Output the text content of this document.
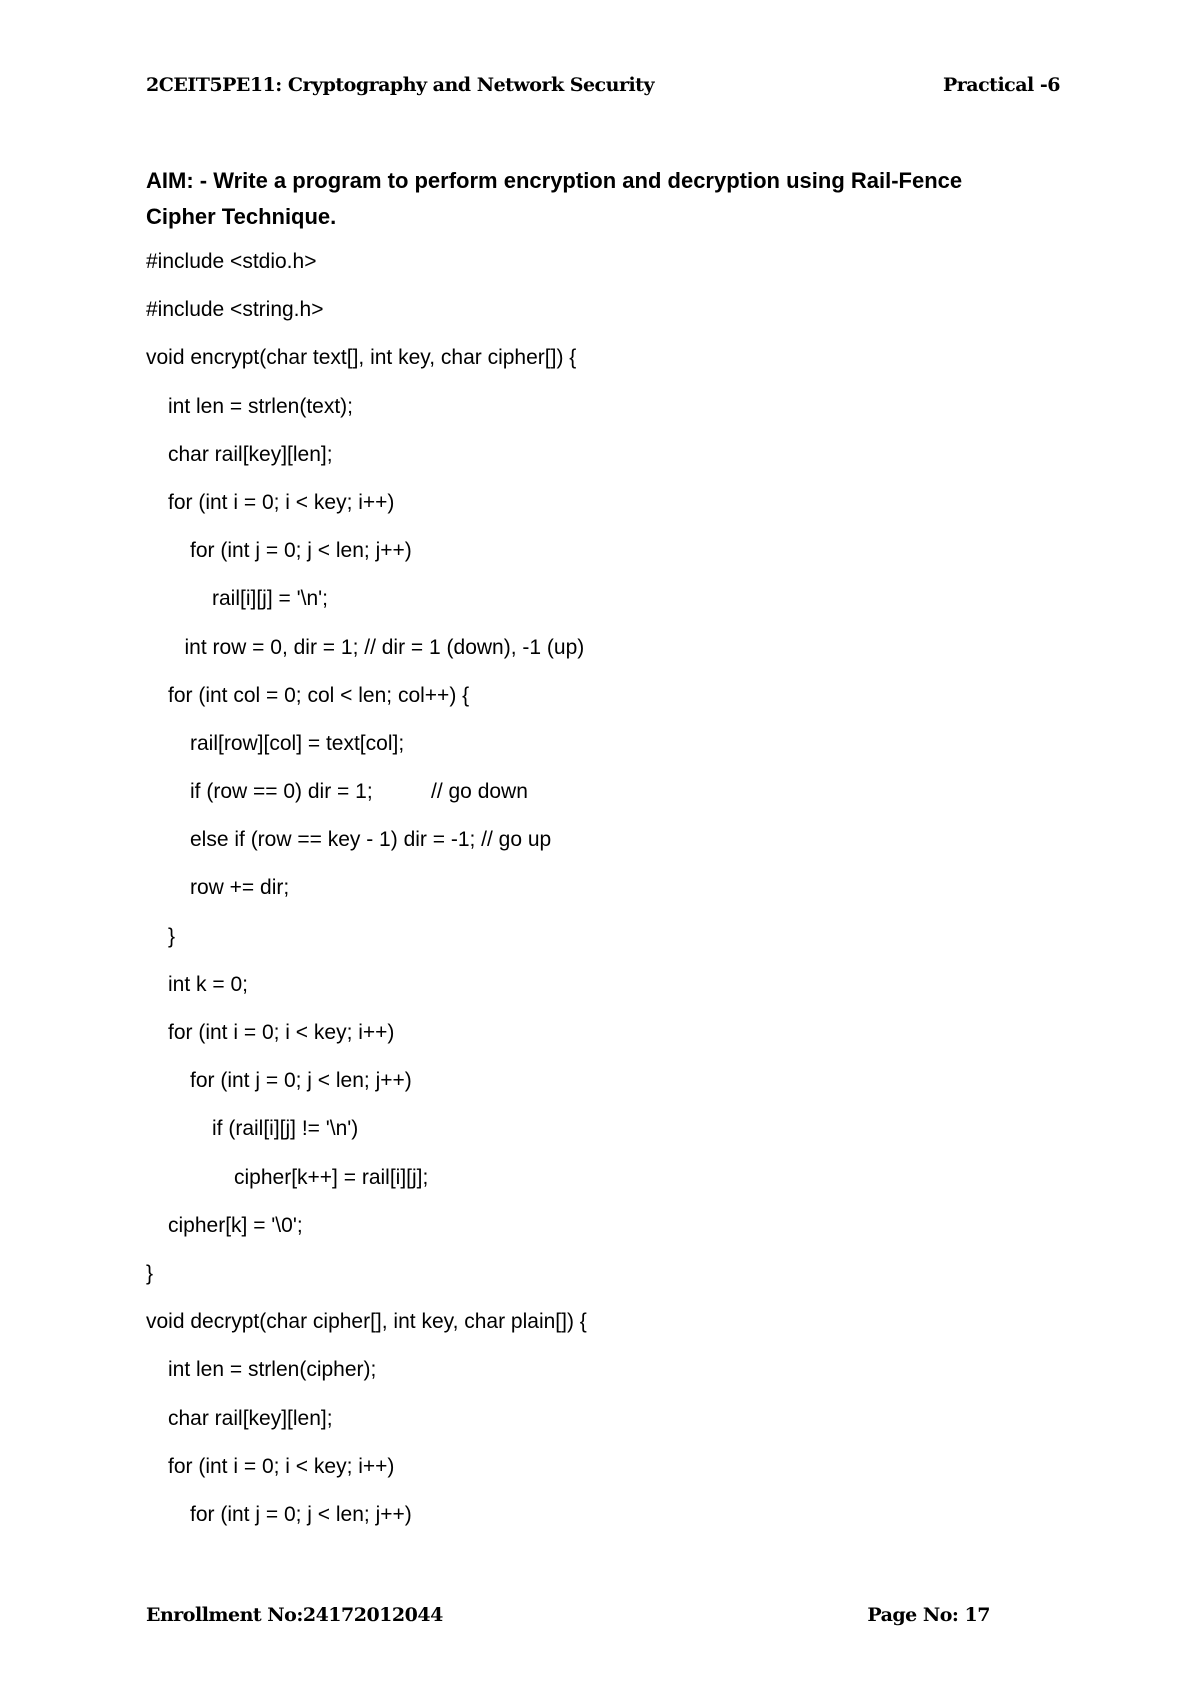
2CEIT5PE11: Cryptography and Network Security	Practical -6
AIM: - Write a program to perform encryption and decryption using Rail-Fence
Cipher Technique.
#include <stdio.h>
#include <string.h>
void encrypt(char text[], int key, char cipher[]) {
int len = strlen(text);
char rail[key][len];
for (int i = 0; i < key; i++)
for (int j = 0; j < len; j++)
rail[i][j] = '\n';
int row = 0, dir = 1; // dir = 1 (down), -1 (up)
for (int col = 0; col < len; col++) {
rail[row][col] = text[col];
if (row == 0) dir = 1;          // go down
else if (row == key - 1) dir = -1; // go up
row += dir;
}
int k = 0;
for (int i = 0; i < key; i++)
for (int j = 0; j < len; j++)
if (rail[i][j] != '\n')
cipher[k++] = rail[i][j];
cipher[k] = '\0';
}
void decrypt(char cipher[], int key, char plain[]) {
int len = strlen(cipher);
char rail[key][len];
for (int i = 0; i < key; i++)
for (int j = 0; j < len; j++)
Enrollment No:24172012044	Page No: 17
